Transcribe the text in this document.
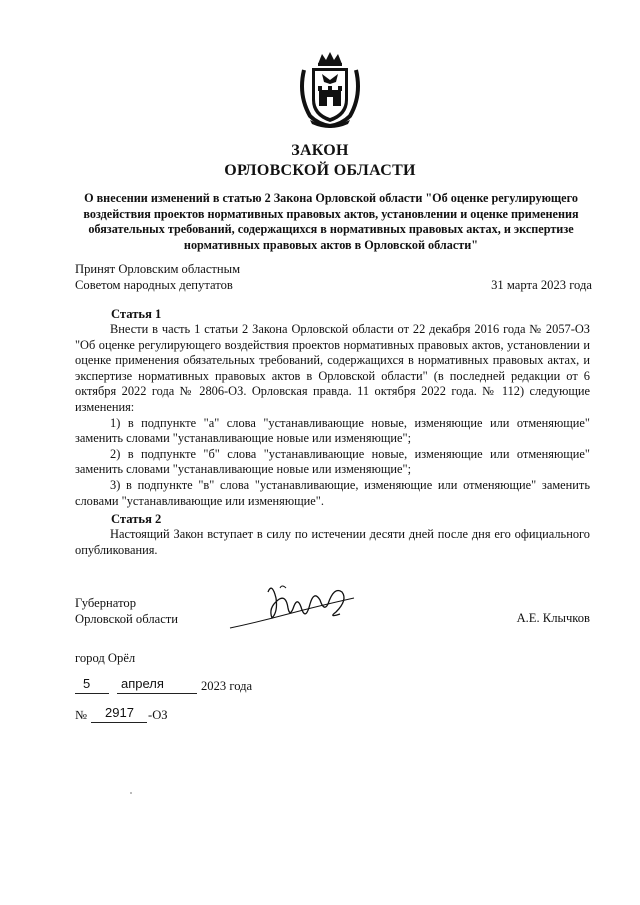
ЗАКОН
ОРЛОВСКОЙ ОБЛАСТИ
О внесении изменений в статью 2 Закона Орловской области "Об оценке регулирующего воздействия проектов нормативных правовых актов, установлении и оценке применения обязательных требований, содержащихся в нормативных правовых актах, и экспертизе нормативных правовых актов в Орловской области"
Принят Орловским областным
Советом народных депутатов	31 марта 2023 года
Статья 1

Внести в часть 1 статьи 2 Закона Орловской области от 22 декабря 2016 года № 2057-ОЗ "Об оценке регулирующего воздействия проектов нормативных правовых актов, установлении и оценке применения обязательных требований, содержащихся в нормативных правовых актах, и экспертизе нормативных правовых актов в Орловской области" (в последней редакции от 6 октября 2022 года № 2806-ОЗ. Орловская правда. 11 октября 2022 года. № 112) следующие изменения:

1) в подпункте "а" слова "устанавливающие новые, изменяющие или отменяющие" заменить словами "устанавливающие новые или изменяющие";

2) в подпункте "б" слова "устанавливающие новые, изменяющие или отменяющие" заменить словами "устанавливающие новые или изменяющие";

3) в подпункте "в" слова "устанавливающие, изменяющие или отменяющие" заменить словами "устанавливающие или изменяющие".

Статья 2

Настоящий Закон вступает в силу по истечении десяти дней после дня его официального опубликования.

Губернатор
Орловской области	А.Е. Клычков
город Орёл
5 апреля	2023 года
№ 2917 -ОЗ
